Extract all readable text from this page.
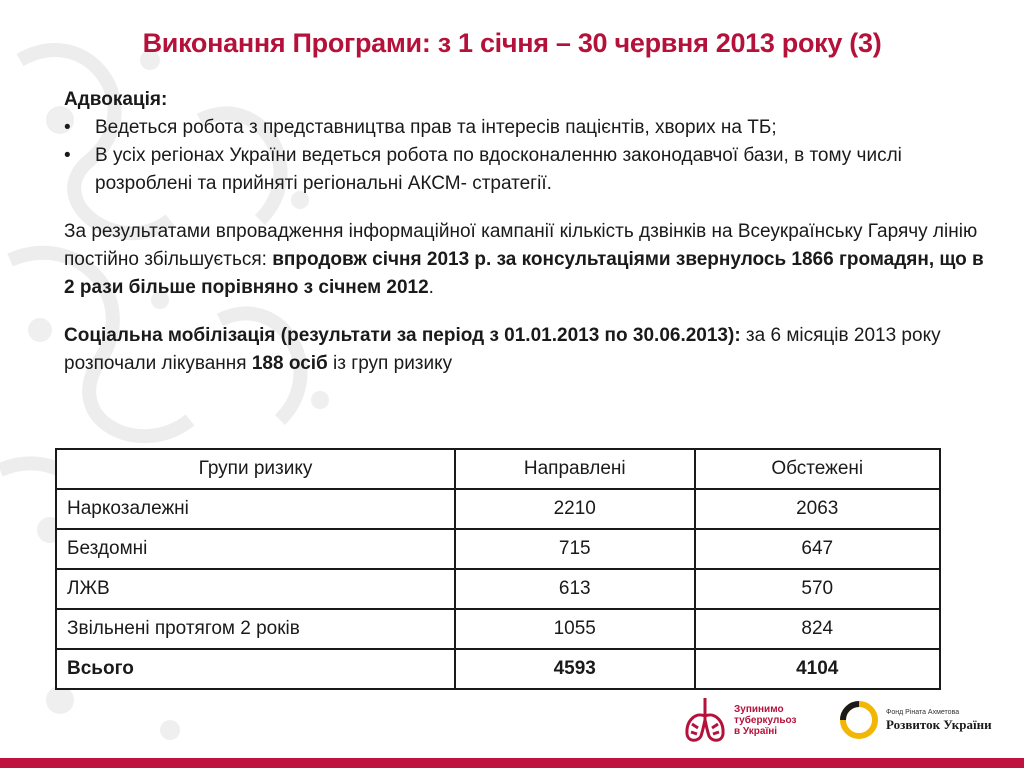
Виконання Програми: з 1 січня – 30 червня 2013 року (3)
Адвокація:
•	Ведеться робота з представництва прав та інтересів пацієнтів, хворих на ТБ;
•	В усіх регіонах України ведеться робота по вдосконаленню законодавчої бази, в тому числі розроблені та прийняті регіональні АКСМ- стратегії.
За результатами впровадження інформаційної кампанії кількість дзвінків на Всеукраїнську Гарячу лінію постійно збільшується: впродовж січня 2013 р. за консультаціями звернулось 1866 громадян, що в 2 рази більше порівняно з січнем 2012.
Соціальна мобілізація (результати за період з 01.01.2013 по 30.06.2013): за 6 місяців 2013 року розпочали лікування 188 осіб із груп ризику
Групи ризику	Направлені	Обстежені
Наркозалежні	2210	2063
Бездомні	715	647
ЛЖВ	613	570
Звільнені протягом 2 років	1055	824
Всього	4593	4104
Зупинимо
туберкульоз
в Україні
Фонд Ріната Ахметова
Розвиток України
